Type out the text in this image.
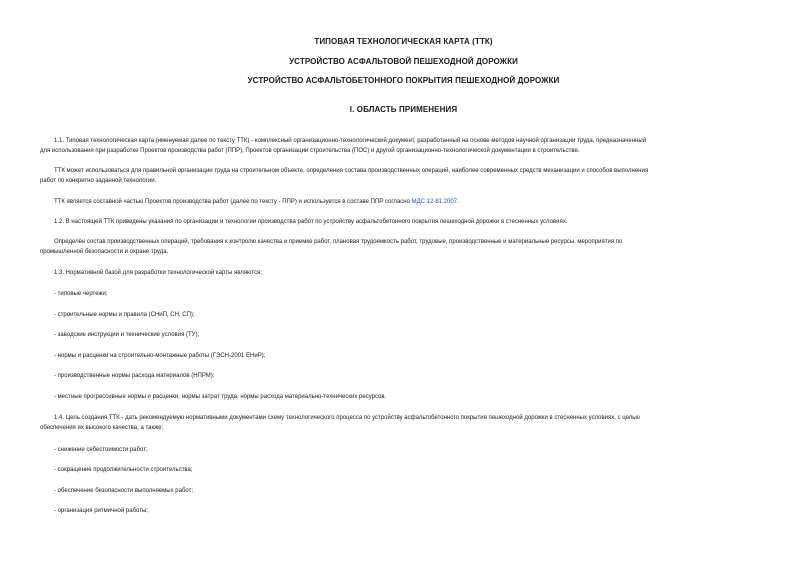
ТИПОВАЯ ТЕХНОЛОГИЧЕСКАЯ КАРТА (ТТК)
УСТРОЙСТВО АСФАЛЬТОВОЙ ПЕШЕХОДНОЙ ДОРОЖКИ
УСТРОЙСТВО АСФАЛЬТОБЕТОННОГО ПОКРЫТИЯ ПЕШЕХОДНОЙ ДОРОЖКИ
I. ОБЛАСТЬ ПРИМЕНЕНИЯ
1.1. Типовая технологическая карта (именуемая далее по тексту ТТК) - комплексный организационно-технологический документ, разработанный на основе методов научной организации труда, предназначенный
для использования при разработке Проектов производства работ (ППР), Проектов организации строительства (ПОС) и другой организационно-технологической документации в строительстве.
ТТК может использоваться для правильной организации труда на строительном объекте, определения состава производственных операций, наиболее современных средств механизации и способов выполнения
работ по конкретно заданной технологии.
ТТК является составной частью Проектов производства работ (далее по тексту - ППР) и используется в составе ППР согласно МДС 12-81.2007.
1.2. В настоящей ТТК приведены указания по организации и технологии производства работ по устройству асфальтобетонного покрытия пешеходной дорожки в стесненных условиях.
Определён состав производственных операций, требования к контролю качества и приемке работ, плановая трудоемкость работ, трудовые, производственные и материальные ресурсы, мероприятия по
промышленной безопасности и охране труда.
1.3. Нормативной базой для разработки технологической карты являются:
- типовые чертежи;
- строительные нормы и правила (СНиП, СН, СП);
- заводские инструкции и технические условия (ТУ);
- нормы и расценки на строительно-монтажные работы (ГЭСН-2001 ЕНиР);
- производственные нормы расхода материалов (НПРМ);
- местные прогрессивные нормы и расценки, нормы затрат труда, нормы расхода материально-технических ресурсов.
1.4. Цель создания ТТК - дать рекомендуемую нормативными документами схему технологического процесса по устройству асфальтобетонного покрытия пешеходной дорожки в стесненных условиях, с целью
обеспечения их высокого качества, а также:
- снижение себестоимости работ;
- сокращение продолжительности строительства;
- обеспечение безопасности выполняемых работ;
- организация ритмичной работы;
